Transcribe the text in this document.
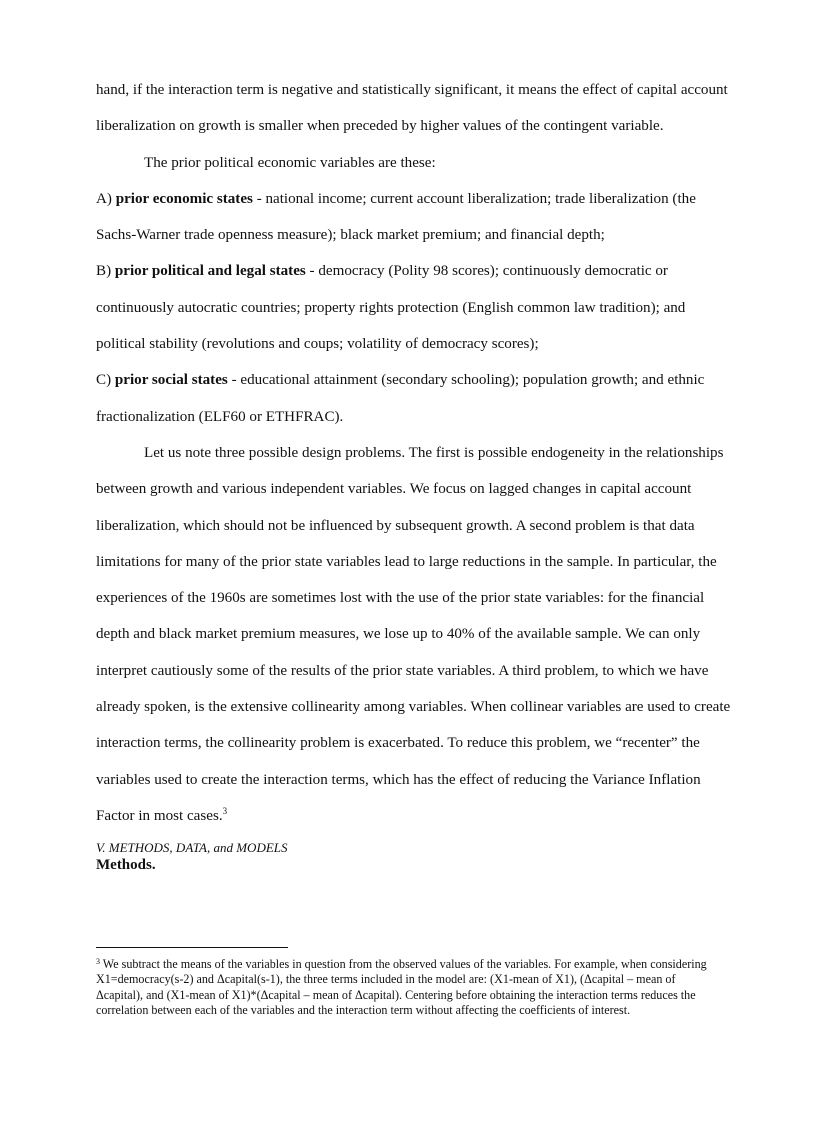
hand, if the interaction term is negative and statistically significant, it means the effect of capital account liberalization on growth is smaller when preceded by higher values of the contingent variable.

The prior political economic variables are these:

A) prior economic states - national income; current account liberalization; trade liberalization (the Sachs-Warner trade openness measure); black market premium; and financial depth;

B) prior political and legal states - democracy (Polity 98 scores); continuously democratic or continuously autocratic countries; property rights protection (English common law tradition); and political stability (revolutions and coups; volatility of democracy scores);

C) prior social states - educational attainment (secondary schooling); population growth; and ethnic fractionalization (ELF60 or ETHFRAC).

Let us note three possible design problems. The first is possible endogeneity in the relationships between growth and various independent variables. We focus on lagged changes in capital account liberalization, which should not be influenced by subsequent growth. A second problem is that data limitations for many of the prior state variables lead to large reductions in the sample. In particular, the experiences of the 1960s are sometimes lost with the use of the prior state variables: for the financial depth and black market premium measures, we lose up to 40% of the available sample. We can only interpret cautiously some of the results of the prior state variables. A third problem, to which we have already spoken, is the extensive collinearity among variables. When collinear variables are used to create interaction terms, the collinearity problem is exacerbated. To reduce this problem, we “recenter” the variables used to create the interaction terms, which has the effect of reducing the Variance Inflation Factor in most cases.$^3$

V. METHODS, DATA, and MODELS
Methods.

$^3$ We subtract the means of the variables in question from the observed values of the variables. For example, when considering X1=democracy(s-2) and Δcapital(s-1), the three terms included in the model are: (X1-mean of X1), (Δcapital – mean of Δcapital), and (X1-mean of X1)*(Δcapital – mean of Δcapital). Centering before obtaining the interaction terms reduces the correlation between each of the variables and the interaction term without affecting the coefficients of interest.
